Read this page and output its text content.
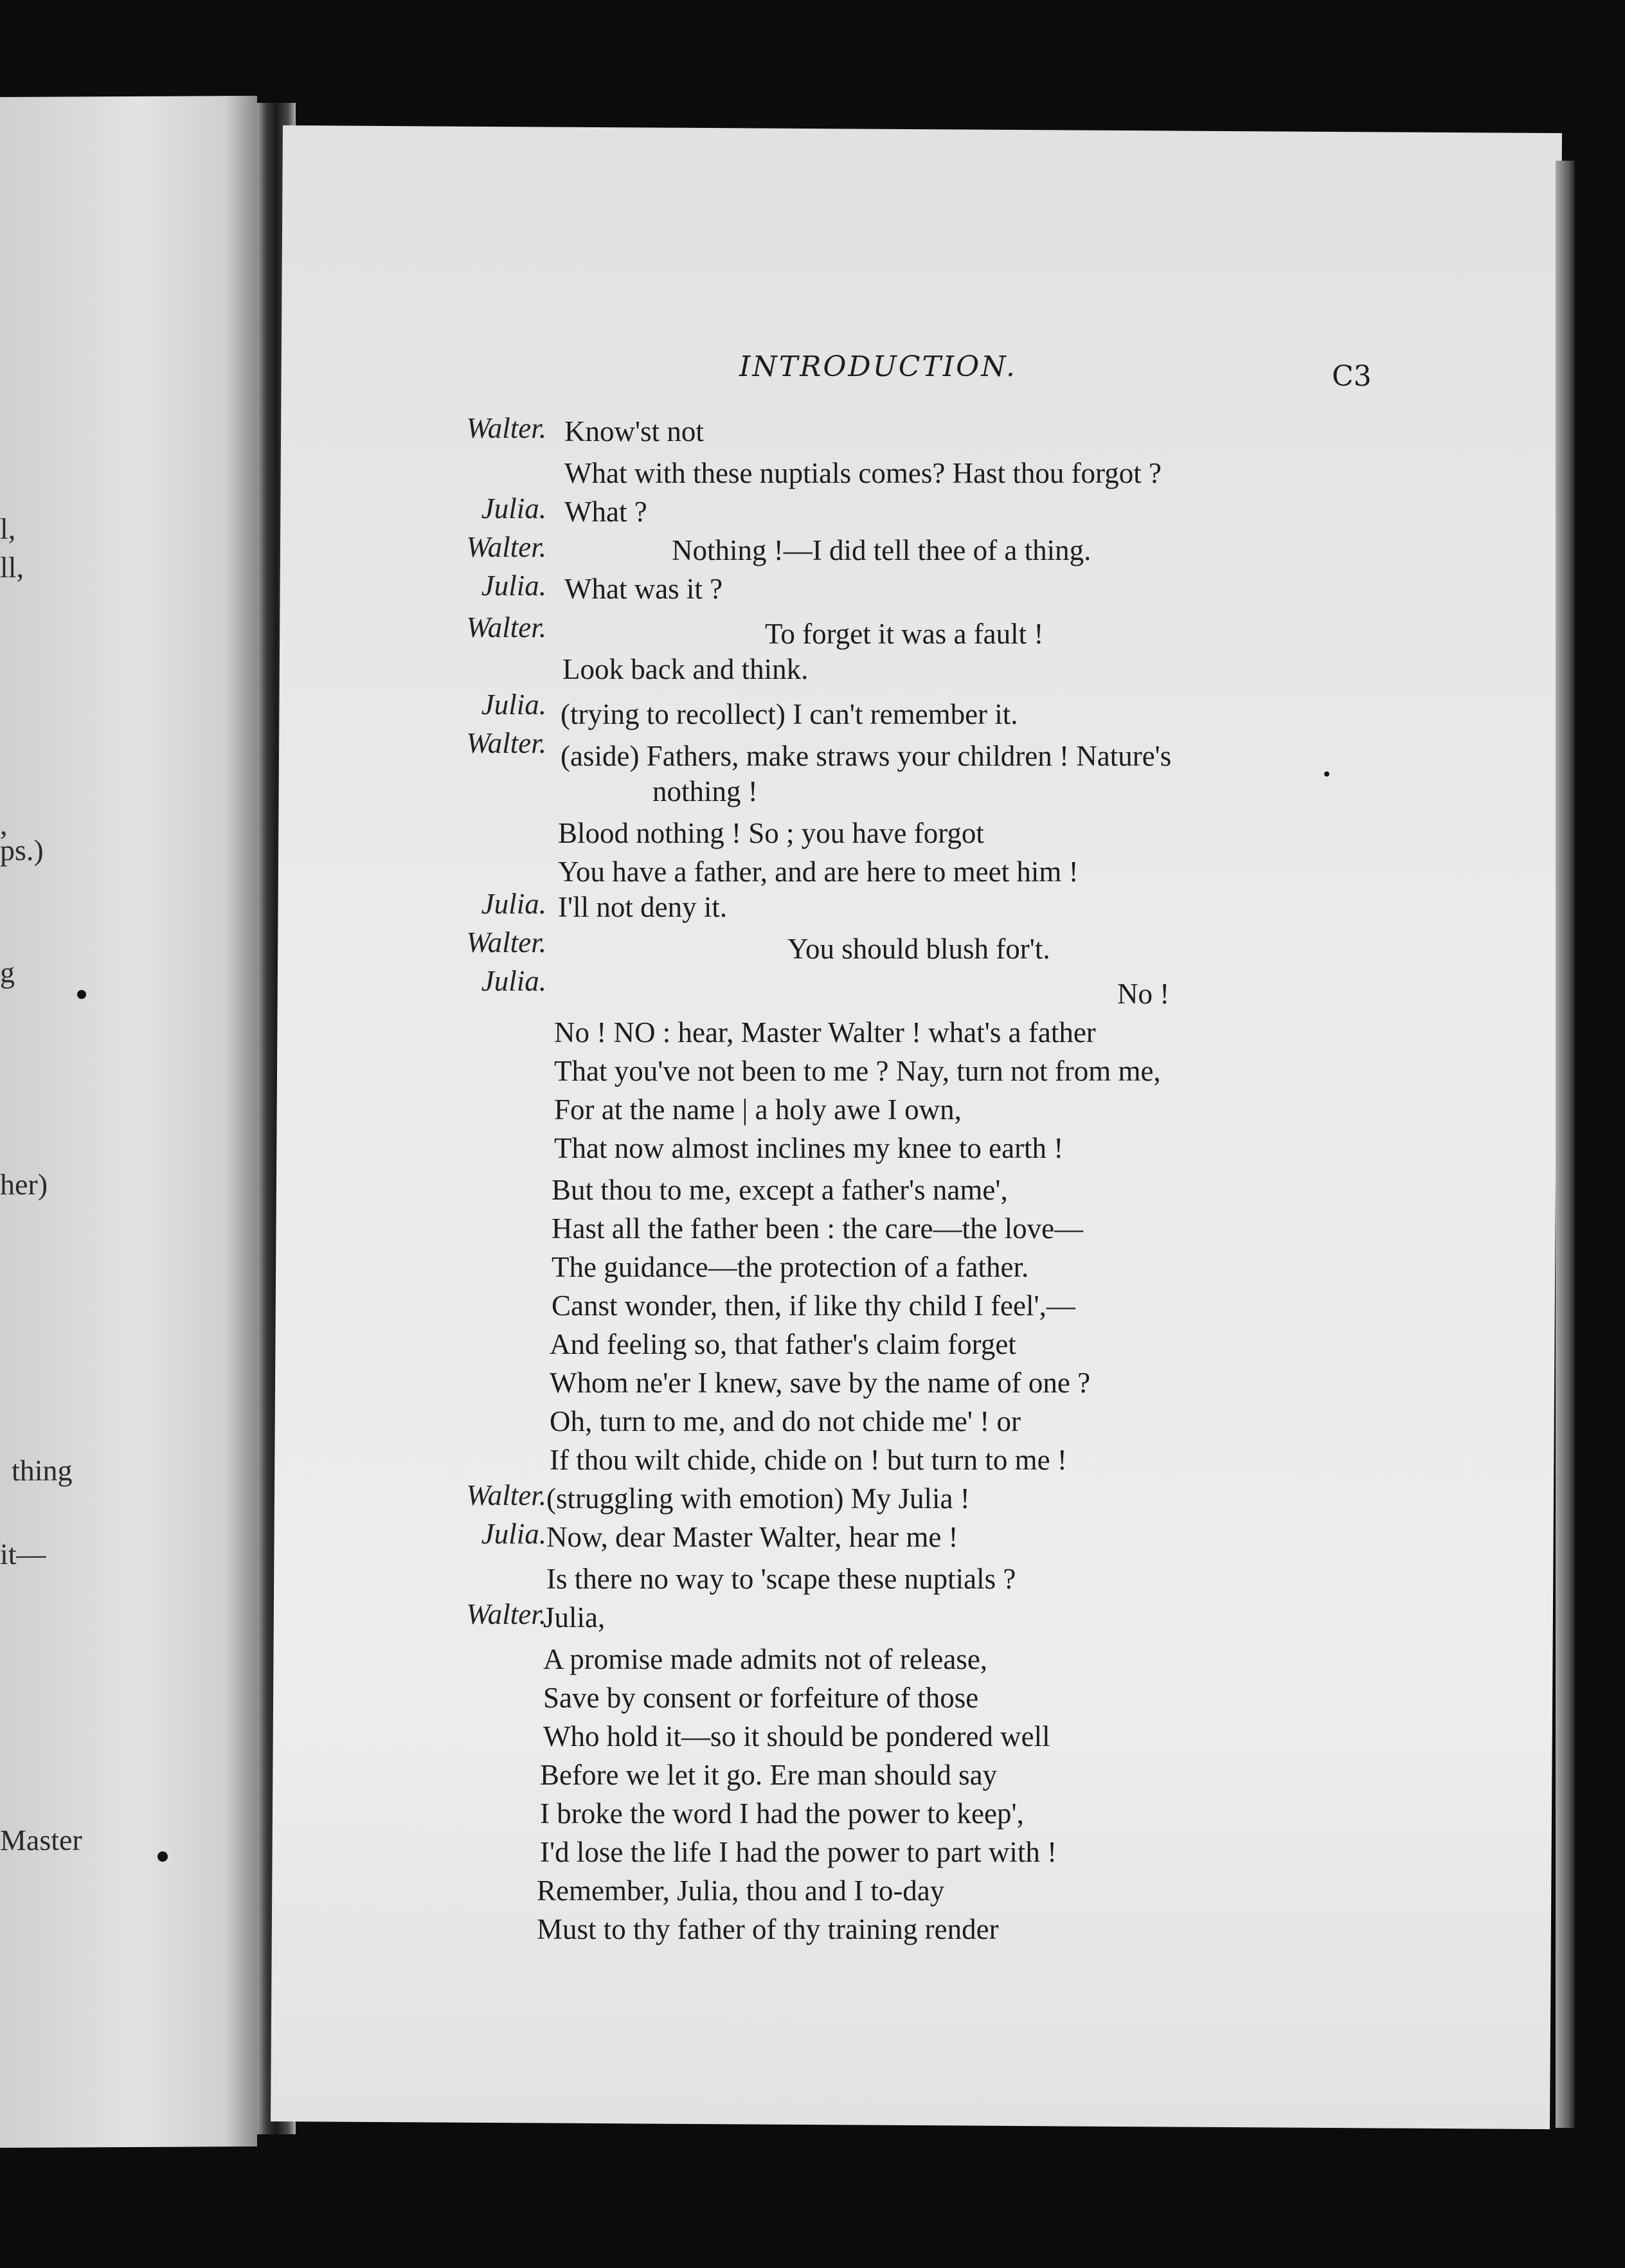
l,

ll,

,

ps.)

g

her)

thing

it—

Master

INTRODUCTION.	C3

Walter.
Julia.
Walter.
Julia.
Walter.
Julia.
Walter.
Julia.
Walter.
Julia.
Walter.
Julia.
Walter.
Know'st not
What with these nuptials comes? Hast thou forgot ?
What ?
Nothing !—I did tell thee of a thing.
What was it ?
To forget it was a fault !
Look back and think.
(trying to recollect) I can't remember it.
(aside) Fathers, make straws your children ! Nature's
nothing !
Blood nothing ! So ; you have forgot
You have a father, and are here to meet him !
I'll not deny it.
You should blush for't.
No !
No ! NO : hear, Master Walter ! what's a father
That you've not been to me ? Nay, turn not from me,
For at the name | a holy awe I own,
That now almost inclines my knee to earth !
But thou to me, except a father's name',
Hast all the father been : the care—the love—
The guidance—the protection of a father.
Canst wonder, then, if like thy child I feel',—
And feeling so, that father's claim forget
Whom ne'er I knew, save by the name of one ?
Oh, turn to me, and do not chide me' ! or
If thou wilt chide, chide on ! but turn to me !
(struggling with emotion) My Julia !
Now, dear Master Walter, hear me !
Is there no way to 'scape these nuptials ?
Julia,
A promise made admits not of release,
Save by consent or forfeiture of those
Who hold it—so it should be pondered well
Before we let it go. Ere man should say
I broke the word I had the power to keep',
I'd lose the life I had the power to part with !
Remember, Julia, thou and I to-day
Must to thy father of thy training render
